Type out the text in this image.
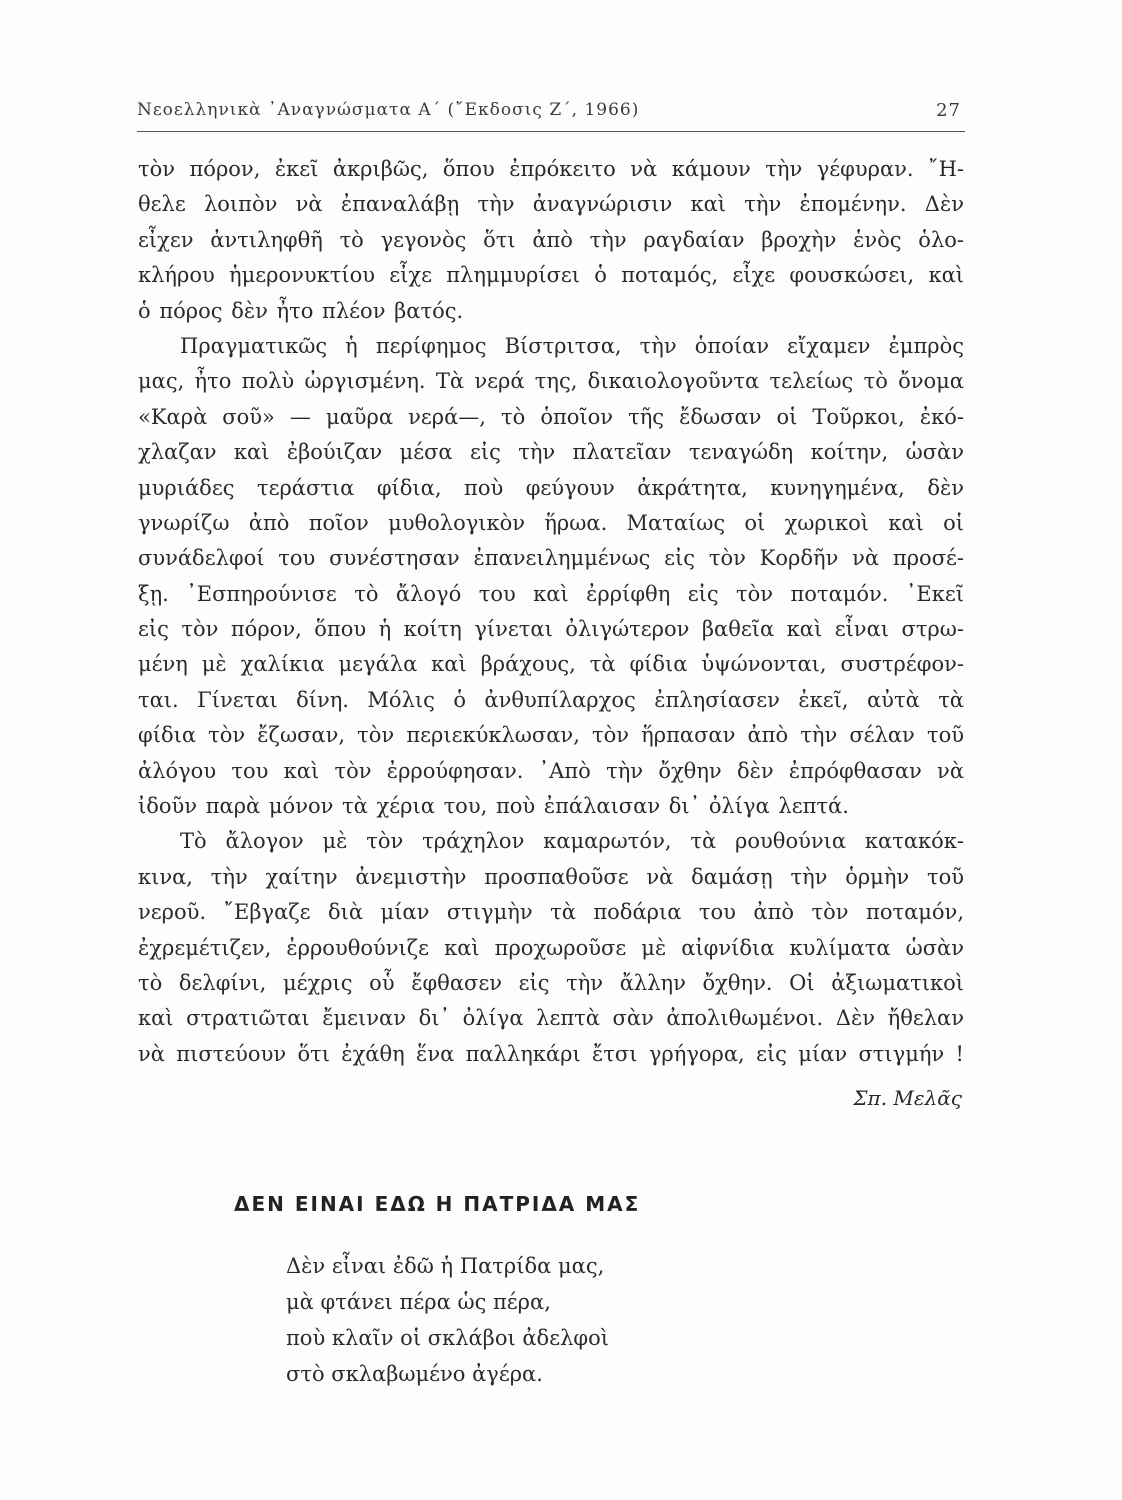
Νεοελληνικὰ ᾿Αναγνώσματα Α΄ (῎Εκδοσις Ζ΄, 1966)	27
τὸν πόρον, ἐκεῖ ἀκριβῶς, ὅπου ἐπρόκειτο νὰ κάμουν τὴν γέφυραν. ῎Η-
θελε λοιπὸν νὰ ἐπαναλάβῃ τὴν ἀναγνώρισιν καὶ τὴν ἐπομένην. Δὲν
εἶχεν ἀντιληφθῆ τὸ γεγονὸς ὅτι ἀπὸ τὴν ραγδαίαν βροχὴν ἑνὸς ὁλο-
κλήρου ἡμερονυκτίου εἶχε πλημμυρίσει ὁ ποταμός, εἶχε φουσκώσει, καὶ
ὁ πόρος δὲν ἦτο πλέον βατός.
Πραγματικῶς ἡ περίφημος Βίστριτσα, τὴν ὁποίαν εἴχαμεν ἐμπρὸς
μας, ἦτο πολὺ ὠργισμένη. Τὰ νερά της, δικαιολογοῦντα τελείως τὸ ὄνομα
«Καρὰ σοῦ» — μαῦρα νερά—, τὸ ὁποῖον τῆς ἔδωσαν οἱ Τοῦρκοι, ἐκό-
χλαζαν καὶ ἐβούιζαν μέσα εἰς τὴν πλατεῖαν τεναγώδη κοίτην, ὡσὰν
μυριάδες τεράστια φίδια, ποὺ φεύγουν ἀκράτητα, κυνηγημένα, δὲν
γνωρίζω ἀπὸ ποῖον μυθολογικὸν ἥρωα. Ματαίως οἱ χωρικοὶ καὶ οἱ
συνάδελφοί του συνέστησαν ἐπανειλημμένως εἰς τὸν Κορδῆν νὰ προσέ-
ξῃ. ᾿Εσπηρούνισε τὸ ἄλογό του καὶ ἐρρίφθη εἰς τὸν ποταμόν. ᾿Εκεῖ
εἰς τὸν πόρον, ὅπου ἡ κοίτη γίνεται ὀλιγώτερον βαθεῖα καὶ εἶναι στρω-
μένη μὲ χαλίκια μεγάλα καὶ βράχους, τὰ φίδια ὑψώνονται, συστρέφον-
ται. Γίνεται δίνη. Μόλις ὁ ἀνθυπίλαρχος ἐπλησίασεν ἐκεῖ, αὐτὰ τὰ
φίδια τὸν ἔζωσαν, τὸν περιεκύκλωσαν, τὸν ἥρπασαν ἀπὸ τὴν σέλαν τοῦ
ἀλόγου του καὶ τὸν ἐρρούφησαν. ᾿Απὸ τὴν ὄχθην δὲν ἐπρόφθασαν νὰ
ἰδοῦν παρὰ μόνον τὰ χέρια του, ποὺ ἐπάλαισαν δι᾿ ὀλίγα λεπτά.
Τὸ ἄλογον μὲ τὸν τράχηλον καμαρωτόν, τὰ ρουθούνια κατακόκ-
κινα, τὴν χαίτην ἀνεμιστὴν προσπαθοῦσε νὰ δαμάσῃ τὴν ὁρμὴν τοῦ
νεροῦ. ῎Εβγαζε διὰ μίαν στιγμὴν τὰ ποδάρια του ἀπὸ τὸν ποταμόν,
ἐχρεμέτιζεν, ἐρρουθούνιζε καὶ προχωροῦσε μὲ αἰφνίδια κυλίματα ὡσὰν
τὸ δελφίνι, μέχρις οὗ ἔφθασεν εἰς τὴν ἄλλην ὄχθην. Οἱ ἀξιωματικοὶ
καὶ στρατιῶται ἔμειναν δι᾿ ὀλίγα λεπτὰ σὰν ἀπολιθωμένοι. Δὲν ἤθελαν
νὰ πιστεύουν ὅτι ἐχάθη ἕνα παλληκάρι ἔτσι γρήγορα, εἰς μίαν στιγμήν !
Σπ. Μελᾶς
ΔΕΝ ΕΙΝΑΙ ΕΔΩ Η ΠΑΤΡΙΔΑ ΜΑΣ
Δὲν εἶναι ἐδῶ ἡ Πατρίδα μας,
μὰ φτάνει πέρα ὡς πέρα,
ποὺ κλαῖν οἱ σκλάβοι ἀδελφοὶ
στὸ σκλαβωμένο ἀγέρα.
